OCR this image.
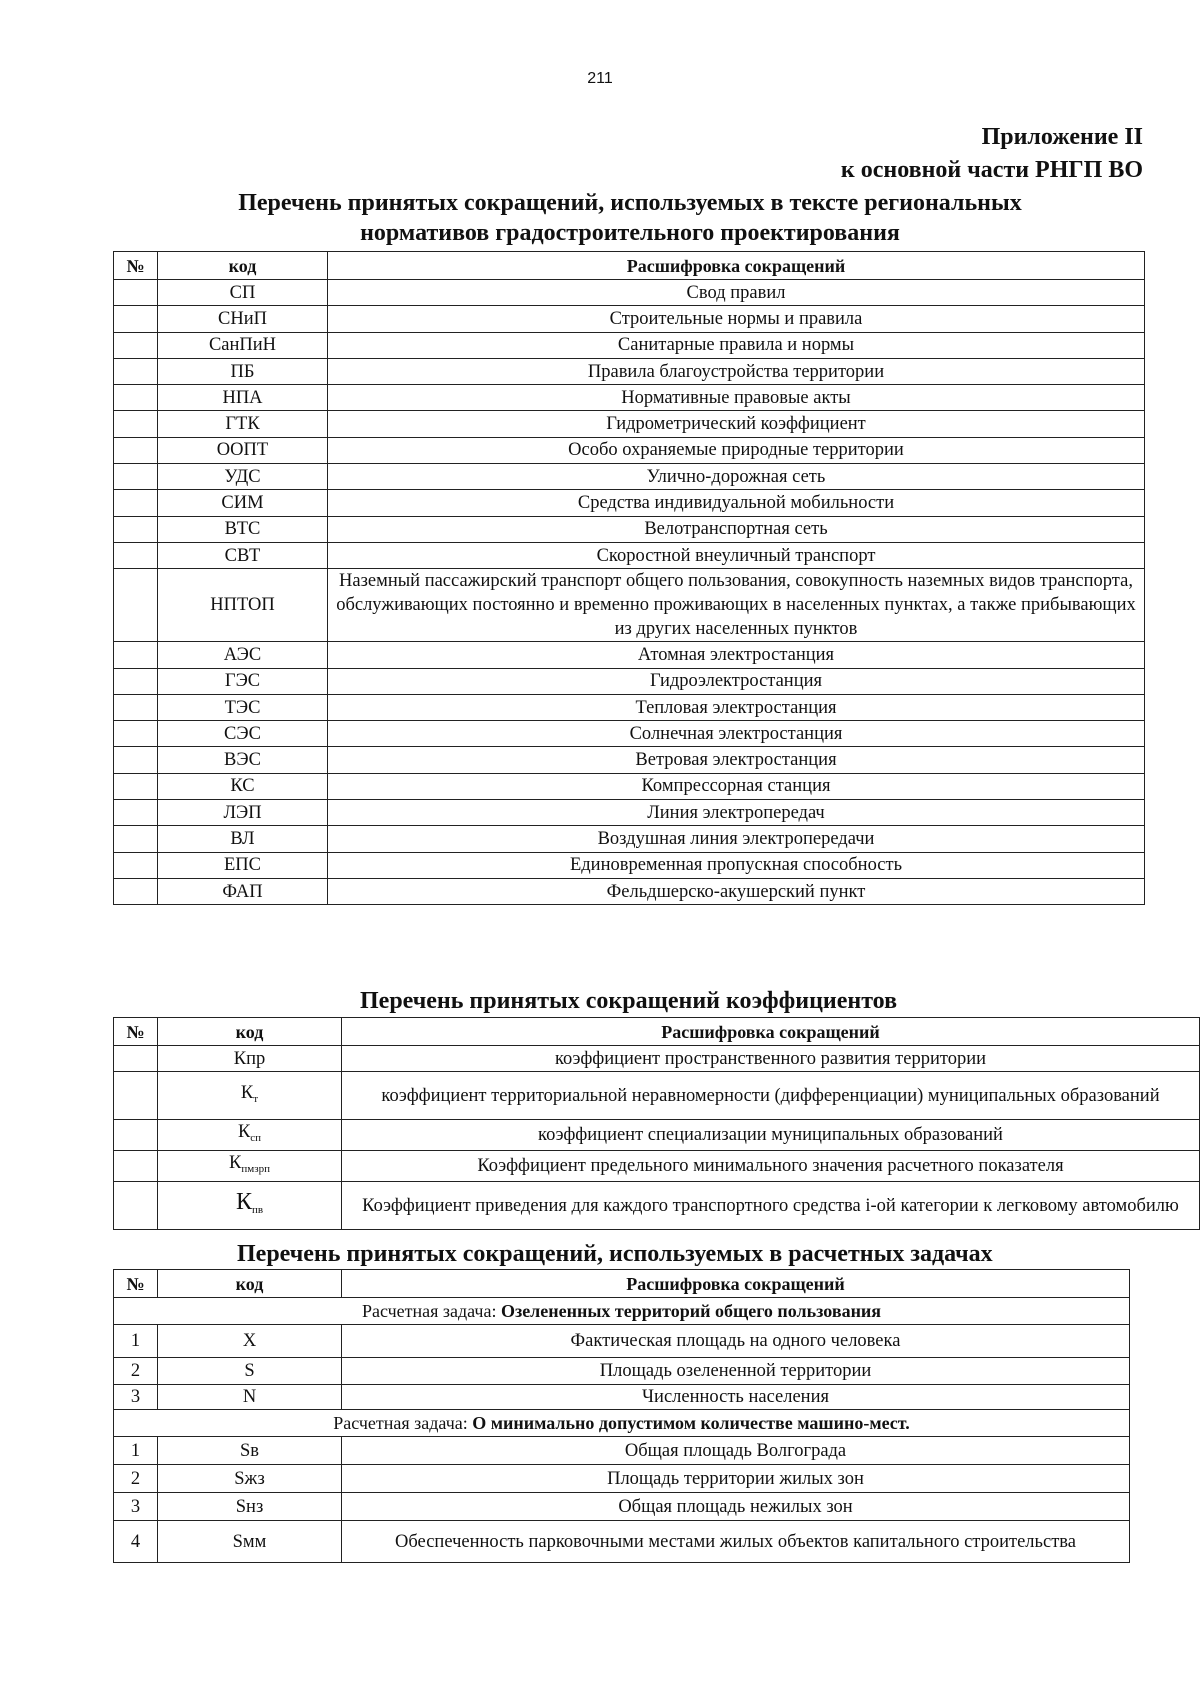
211
Приложение II
к основной части РНГП ВО
Перечень принятых сокращений, используемых в тексте региональных
нормативов градостроительного проектирования
№	код	Расшифровка сокращений
	СП	Свод правил
	СНиП	Строительные нормы и правила
	СанПиН	Санитарные правила и нормы
	ПБ	Правила благоустройства территории
	НПА	Нормативные правовые акты
	ГТК	Гидрометрический коэффициент
	ООПТ	Особо охраняемые природные территории
	УДС	Улично-дорожная сеть
	СИМ	Средства индивидуальной мобильности
	ВТС	Велотранспортная сеть
	СВТ	Скоростной внеуличный транспорт
	НПТОП	Наземный пассажирский транспорт общего пользования, совокупность наземных видов транспорта, обслуживающих постоянно и временно проживающих в населенных пунктах, а также прибывающих из других населенных пунктов
	АЭС	Атомная электростанция
	ГЭС	Гидроэлектростанция
	ТЭС	Тепловая электростанция
	СЭС	Солнечная электростанция
	ВЭС	Ветровая электростанция
	КС	Компрессорная станция
	ЛЭП	Линия электропередач
	ВЛ	Воздушная линия электропередачи
	ЕПС	Единовременная пропускная способность
	ФАП	Фельдшерско-акушерский пункт
Перечень принятых сокращений коэффициентов
№	код	Расшифровка сокращений
	Кпр	коэффициент пространственного развития территории
	$К_т$	коэффициент территориальной неравномерности (дифференциации) муниципальных образований
	$К_{сп}$	коэффициент специализации муниципальных образований
	$К_{пмзрп}$	Коэффициент предельного минимального значения расчетного показателя
	$К_{пв}$	Коэффициент приведения для каждого транспортного средства i-ой категории к легковому автомобилю
Перечень принятых сокращений, используемых в расчетных задачах
№	код	Расшифровка сокращений
Расчетная задача: Озелененных территорий общего пользования		
1	X	Фактическая площадь на одного человека
2	S	Площадь озелененной территории
3	N	Численность населения
Расчетная задача: О минимально допустимом количестве машино-мест.		
1	Sв	Общая площадь Волгограда
2	Sжз	Площадь территории жилых зон
3	Sнз	Общая площадь нежилых зон
4	Sмм	Обеспеченность парковочными местами жилых объектов капитального строительства
